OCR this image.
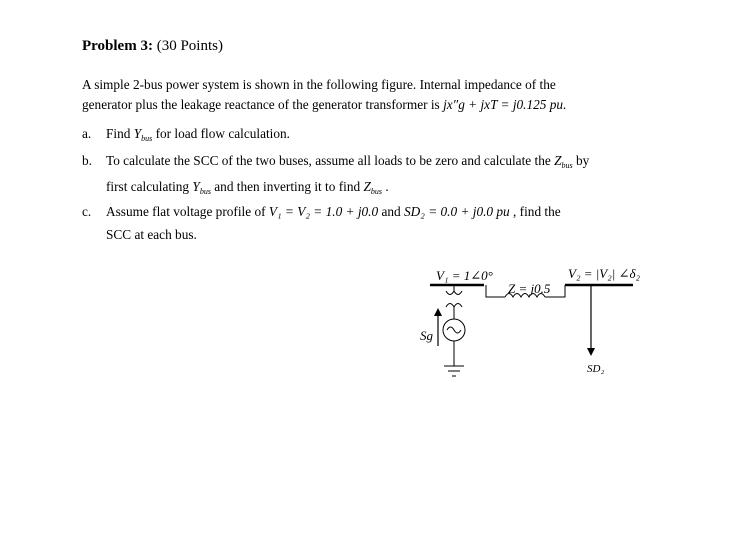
Problem 3: (30 Points)
A simple 2-bus power system is shown in the following figure. Internal impedance of the
generator plus the leakage reactance of the generator transformer is jx″g + jxT = j0.125 pu.
a. Find $Y_{bus}$ for load flow calculation.
b. To calculate the SCC of the two buses, assume all loads to be zero and calculate the $Z_{bus}$ by
first calculating $Y_{bus}$ and then inverting it to find $Z_{bus}$ .
c. Assume flat voltage profile of V₁ = V₂ = 1.0 + j0.0 and SD₂ = 0.0 + j0.0 pu , find the
SCC at each bus.
V₁ = 1∠0°	V₂ = |V₂| ∠δ₂
Z = j0.5
Sg
SD₂
